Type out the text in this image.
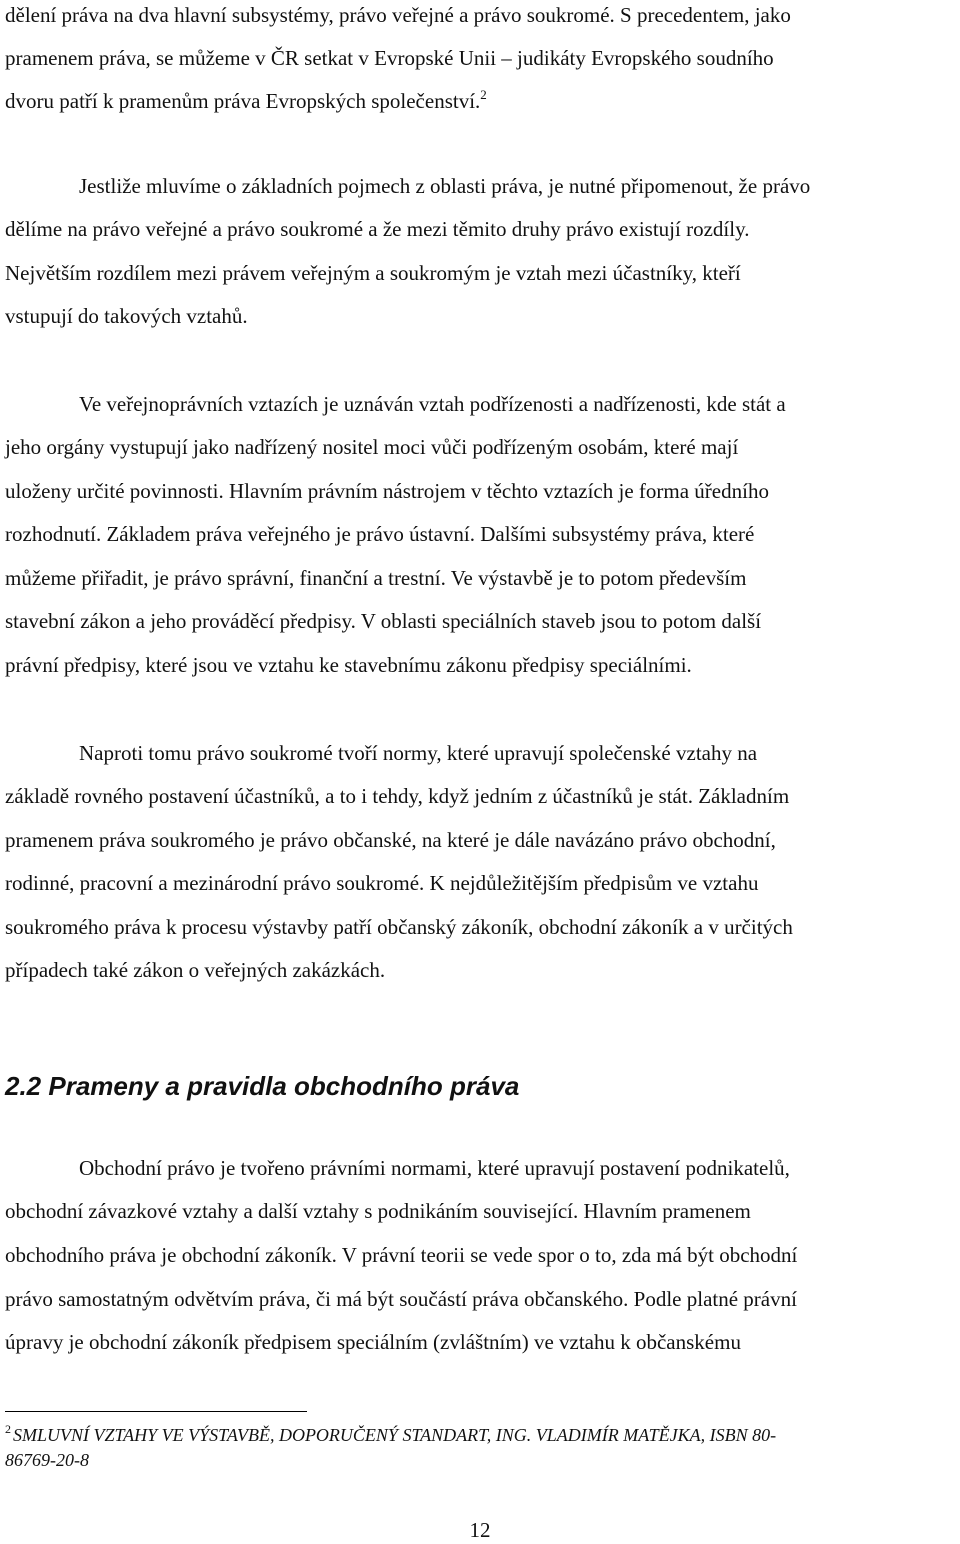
dělení práva na dva hlavní subsystémy, právo veřejné a právo soukromé. S precedentem, jako
pramenem práva, se můžeme v ČR setkat v Evropské Unii – judikáty Evropského soudního
dvoru patří k pramenům práva Evropských společenství.$^2$
Jestliže mluvíme o základních pojmech z oblasti práva, je nutné připomenout, že právo
dělíme na právo veřejné a právo soukromé a že mezi těmito druhy právo existují rozdíly.
Největším rozdílem mezi právem veřejným a soukromým je vztah mezi účastníky, kteří
vstupují do takových vztahů.
Ve veřejnoprávních vztazích je uznáván vztah podřízenosti a nadřízenosti, kde stát a
jeho orgány vystupují jako nadřízený nositel moci vůči podřízeným osobám, které mají
uloženy určité povinnosti. Hlavním právním nástrojem v těchto vztazích je forma úředního
rozhodnutí. Základem práva veřejného je právo ústavní. Dalšími subsystémy práva, které
můžeme přiřadit, je právo správní, finanční a trestní. Ve výstavbě je to potom především
stavební zákon a jeho prováděcí předpisy. V oblasti speciálních staveb jsou to potom další
právní předpisy, které jsou ve vztahu ke stavebnímu zákonu předpisy speciálními.
Naproti tomu právo soukromé tvoří normy, které upravují společenské vztahy na
základě rovného postavení účastníků, a to i tehdy, když jedním z účastníků je stát. Základním
pramenem práva soukromého je právo občanské, na které je dále navázáno právo obchodní,
rodinné, pracovní a mezinárodní právo soukromé. K nejdůležitějším předpisům ve vztahu
soukromého práva k procesu výstavby patří občanský zákoník, obchodní zákoník a v určitých
případech také zákon o veřejných zakázkách.
2.2 Prameny a pravidla obchodního práva
Obchodní právo je tvořeno právními normami, které upravují postavení podnikatelů,
obchodní závazkové vztahy a další vztahy s podnikáním související. Hlavním pramenem
obchodního práva je obchodní zákoník. V právní teorii se vede spor o to, zda má být obchodní
právo samostatným odvětvím práva, či má být součástí práva občanského. Podle platné právní
úpravy je obchodní zákoník předpisem speciálním (zvláštním) ve vztahu k občanskému
$^2$ SMLUVNÍ VZTAHY VE VÝSTAVBĚ, DOPORUČENÝ STANDART, ING. VLADIMÍR MATĚJKA, ISBN 80-
86769-20-8
12
